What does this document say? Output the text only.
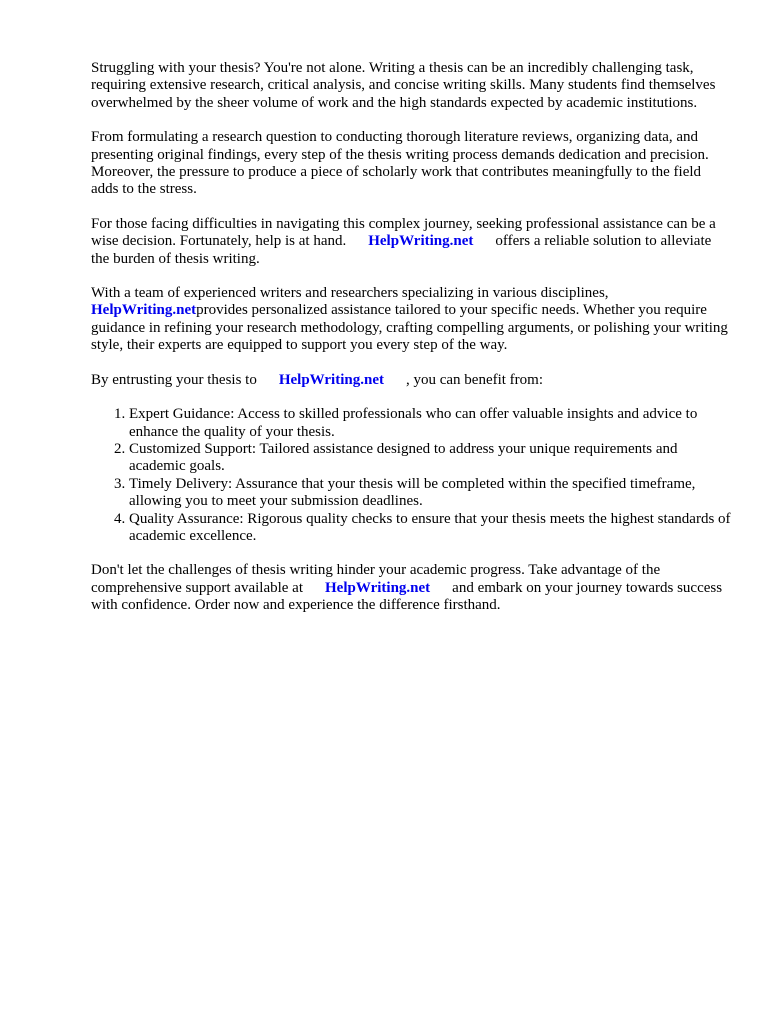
Struggling with your thesis? You're not alone. Writing a thesis can be an incredibly challenging task, requiring extensive research, critical analysis, and concise writing skills. Many students find themselves overwhelmed by the sheer volume of work and the high standards expected by academic institutions.

From formulating a research question to conducting thorough literature reviews, organizing data, and presenting original findings, every step of the thesis writing process demands dedication and precision. Moreover, the pressure to produce a piece of scholarly work that contributes meaningfully to the field adds to the stress.

For those facing difficulties in navigating this complex journey, seeking professional assistance can be a wise decision. Fortunately, help is at hand. HelpWriting.net offers a reliable solution to alleviate the burden of thesis writing.

With a team of experienced writers and researchers specializing in various disciplines, HelpWriting.netprovides personalized assistance tailored to your specific needs. Whether you require guidance in refining your research methodology, crafting compelling arguments, or polishing your writing style, their experts are equipped to support you every step of the way.

By entrusting your thesis to HelpWriting.net , you can benefit from:

1. Expert Guidance: Access to skilled professionals who can offer valuable insights and advice to enhance the quality of your thesis.
2. Customized Support: Tailored assistance designed to address your unique requirements and academic goals.
3. Timely Delivery: Assurance that your thesis will be completed within the specified timeframe, allowing you to meet your submission deadlines.
4. Quality Assurance: Rigorous quality checks to ensure that your thesis meets the highest standards of academic excellence.

Don't let the challenges of thesis writing hinder your academic progress. Take advantage of the comprehensive support available at HelpWriting.net and embark on your journey towards success with confidence. Order now and experience the difference firsthand.
